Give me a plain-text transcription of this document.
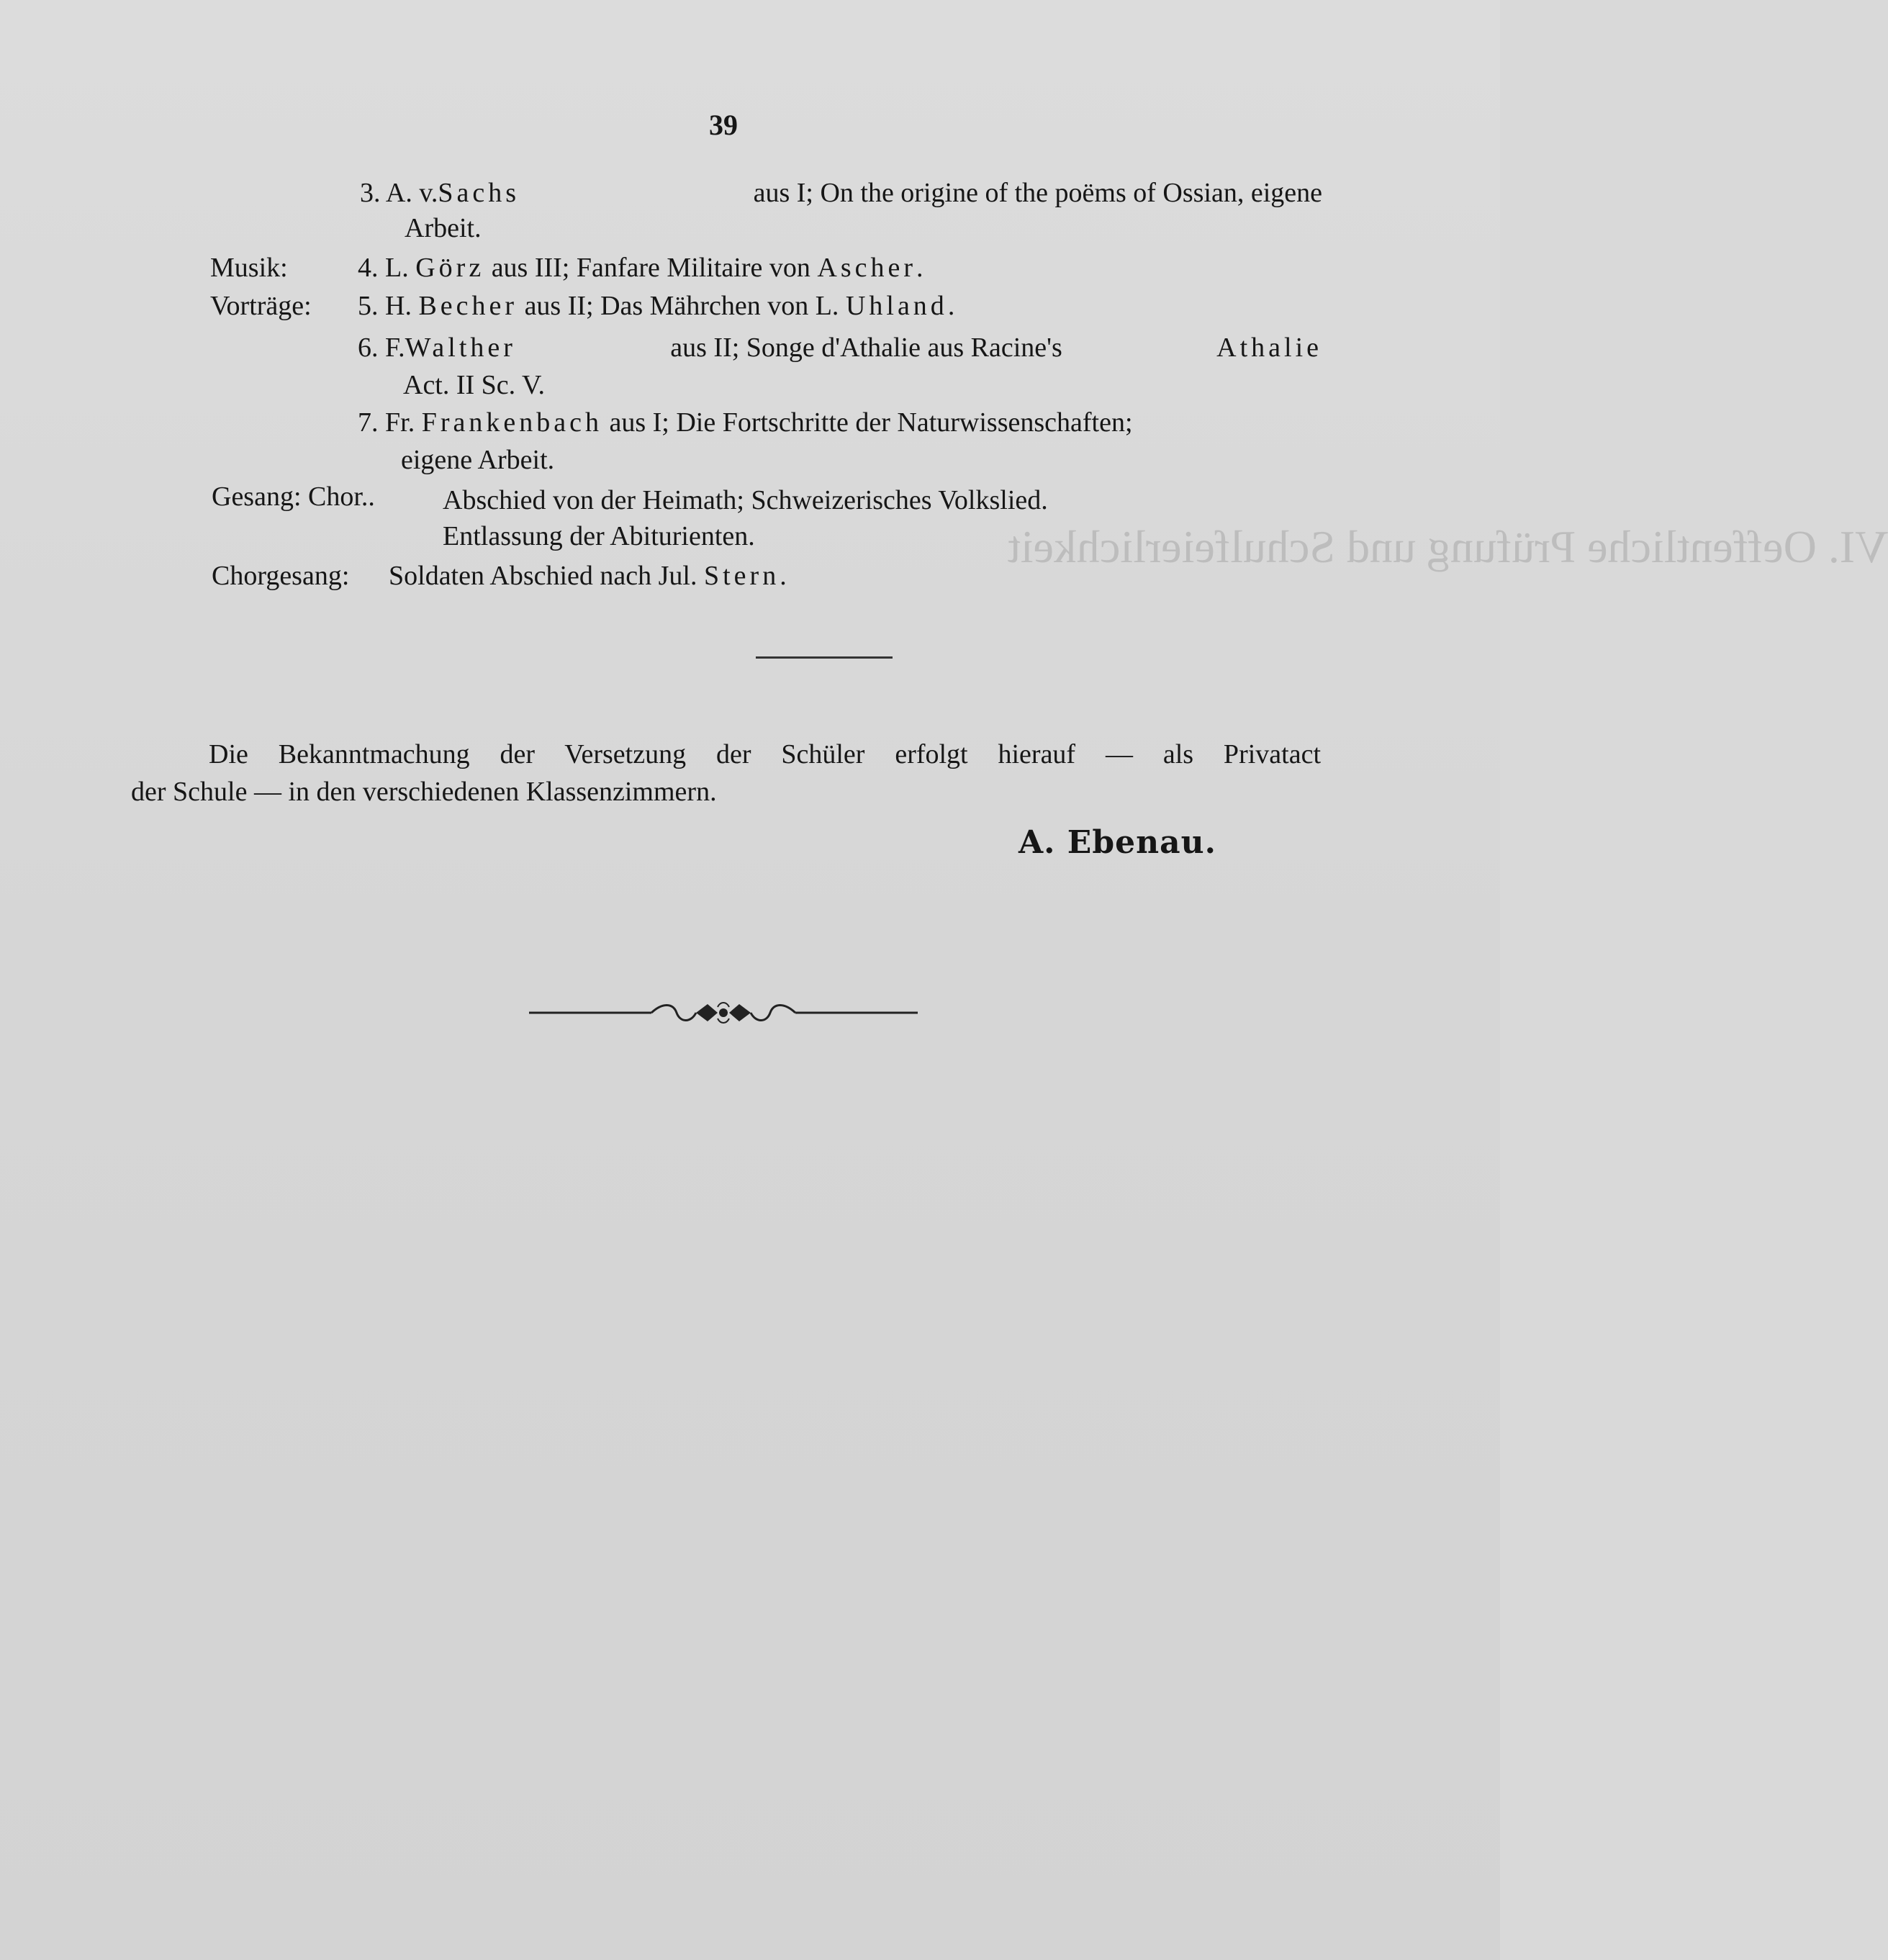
VI. Oeffentliche Prüfung und Schulfeierlichkeit
39
3. A. v. Sachs	aus I; On the origine of the poëms of Ossian, eigene
Arbeit.
Musik:	4. L. Görz aus III; Fanfare Militaire von Ascher.
Vorträge: 5. H. Becher aus II; Das Mährchen von L. Uhland.
6. F. Walther	aus II; Songe d'Athalie aus Racine's	Athalie
Act. II Sc. V.
7. Fr. Frankenbach aus I; Die Fortschritte der Naturwissenschaften;
eigene Arbeit.
Gesang: Chor.. Abschied von der Heimath; Schweizerisches Volkslied.
Entlassung der Abiturienten.
Chorgesang: Soldaten Abschied nach Jul. Stern.
Die Bekanntmachung der Versetzung der Schüler erfolgt hierauf — als Privatact
der Schule — in den verschiedenen Klassenzimmern.
A. Ebenau.
